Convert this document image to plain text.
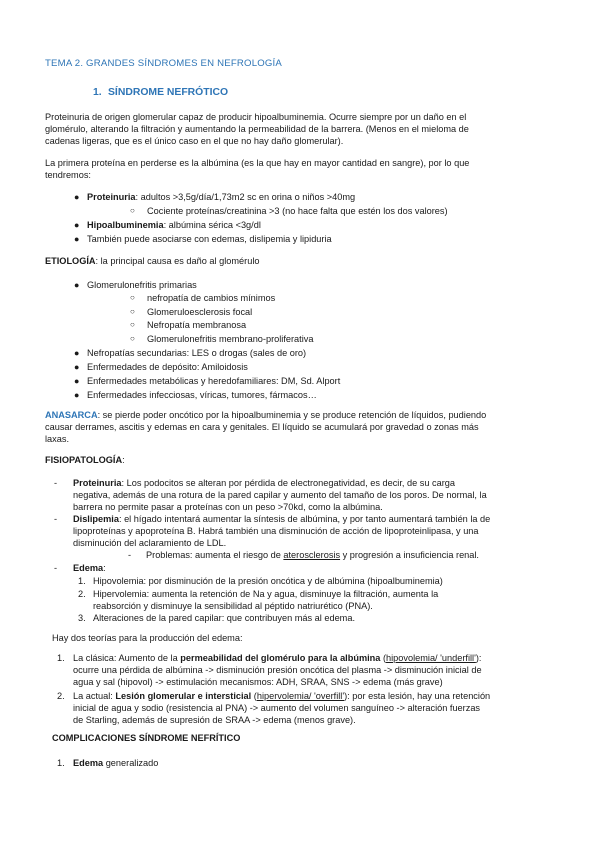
TEMA 2. GRANDES SÍNDROMES EN NEFROLOGÍA
1. SÍNDROME NEFRÓTICO
Proteinuria de origen glomerular capaz de producir hipoalbuminemia. Ocurre siempre por un daño en el
glomérulo, alterando la filtración y aumentando la permeabilidad de la barrera. (Menos en el mieloma de
cadenas ligeras, que es el único caso en el que no hay daño glomerular).
La primera proteína en perderse es la albúmina (es la que hay en mayor cantidad en sangre), por lo que
tendremos:
● Proteinuria: adultos >3,5g/día/1,73m2 sc en orina o niños >40mg
○ Cociente proteínas/creatinina >3 (no hace falta que estén los dos valores)
● Hipoalbuminemia: albúmina sérica <3g/dl
● También puede asociarse con edemas, dislipemia y lipiduria
ETIOLOGÍA: la principal causa es daño al glomérulo
● Glomerulonefritis primarias
○ nefropatía de cambios mínimos
○ Glomeruloesclerosis focal
○ Nefropatía membranosa
○ Glomerulonefritis membrano-proliferativa
● Nefropatías secundarias: LES o drogas (sales de oro)
● Enfermedades de depósito: Amiloidosis
● Enfermedades metabólicas y heredofamiliares: DM, Sd. Alport
● Enfermedades infecciosas, víricas, tumores, fármacos…
ANASARCA: se pierde poder oncótico por la hipoalbuminemia y se produce retención de líquidos, pudiendo
causar derrames, ascitis y edemas en cara y genitales. El líquido se acumulará por gravedad o zonas más
laxas.
FISIOPATOLOGÍA:
- Proteinuria: Los podocitos se alteran por pérdida de electronegatividad, es decir, de su carga
negativa, además de una rotura de la pared capilar y aumento del tamaño de los poros. De normal, la
barrera no permite pasar a proteínas con un peso >70kd, como la albúmina.
- Dislipemia: el hígado intentará aumentar la síntesis de albúmina, y por tanto aumentará también la de
lipoproteínas y apoproteína B. Habrá también una disminución de acción de lipoproteinlipasa, y una
disminución del aclaramiento de LDL.
- Problemas: aumenta el riesgo de aterosclerosis y progresión a insuficiencia renal.
- Edema:
1. Hipovolemia: por disminución de la presión oncótica y de albúmina (hipoalbuminemia)
2. Hipervolemia: aumenta la retención de Na y agua, disminuye la filtración, aumenta la
reabsorción y disminuye la sensibilidad al péptido natriurético (PNA).
3. Alteraciones de la pared capilar: que contribuyen más al edema.
Hay dos teorías para la producción del edema:
1. La clásica: Aumento de la permeabilidad del glomérulo para la albúmina (hipovolemia/ 'underfill'):
ocurre una pérdida de albúmina -> disminución presión oncótica del plasma -> disminución inicial de
agua y sal (hipovol) -> estimulación mecanismos: ADH, SRAA, SNS -> edema (más grave)
2. La actual: Lesión glomerular e intersticial (hipervolemia/ 'overfill'): por esta lesión, hay una retención
inicial de agua y sodio (resistencia al PNA) -> aumento del volumen sanguíneo -> alteración fuerzas
de Starling, además de supresión de SRAA -> edema (menos grave).
COMPLICACIONES SÍNDROME NEFRÍTICO
1. Edema generalizado
